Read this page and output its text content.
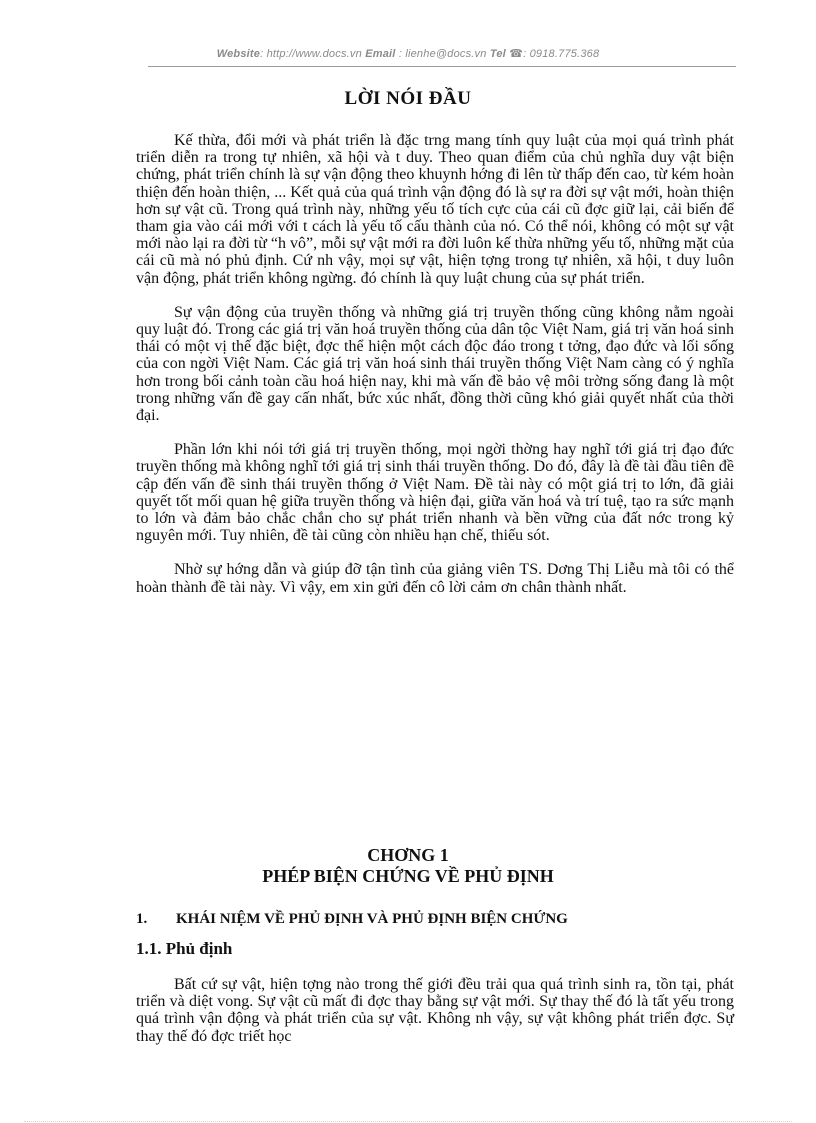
Website: http://www.docs.vn Email : lienhe@docs.vn Tel ☎: 0918.775.368
LỜI NÓI ĐẦU

Kế thừa, đổi mới và phát triển là đặc trng mang tính quy luật của mọi quá trình phát triển diễn ra trong tự nhiên, xã hội và t duy. Theo quan điểm của chủ nghĩa duy vật biện chứng, phát triển chính là sự vận động theo khuynh hớng đi lên từ thấp đến cao, từ kém hoàn thiện đến hoàn thiện, ... Kết quả của quá trình vận động đó là sự ra đời sự vật mới, hoàn thiện hơn sự vật cũ. Trong quá trình này, những yếu tố tích cực của cái cũ đợc giữ lại, cải biến để tham gia vào cái mới với t cách là yếu tố cấu thành của nó. Có thể nói, không có một sự vật mới nào lại ra đời từ “h vô”, mỗi sự vật mới ra đời luôn kế thừa những yếu tố, những mặt của cái cũ mà nó phủ định. Cứ nh vậy, mọi sự vật, hiện tợng trong tự nhiên, xã hội, t duy luôn vận động, phát triển không ngừng. đó chính là quy luật chung của sự phát triển.

Sự vận động của truyền thống và những giá trị truyền thống cũng không nằm ngoài quy luật đó. Trong các giá trị văn hoá truyền thống của dân tộc Việt Nam, giá trị văn hoá sinh thái có một vị thế đặc biệt, đợc thể hiện một cách độc đáo trong t tởng, đạo đức và lối sống của con ngời Việt Nam. Các giá trị văn hoá sinh thái truyền thống Việt Nam càng có ý nghĩa hơn trong bối cảnh toàn cầu hoá hiện nay, khi mà vấn đề bảo vệ môi trờng sống đang là một trong những vấn đề gay cấn nhất, bức xúc nhất, đồng thời cũng khó giải quyết nhất của thời đại.

Phần lớn khi nói tới giá trị truyền thống, mọi ngời thờng hay nghĩ tới giá trị đạo đức truyền thống mà không nghĩ tới giá trị sinh thái truyền thống. Do đó, đây là đề tài đầu tiên đề cập đến vấn đề sinh thái truyền thống ở Việt Nam. Đề tài này có một giá trị to lớn, đã giải quyết tốt mối quan hệ giữa truyền thống và hiện đại, giữa văn hoá và trí tuệ, tạo ra sức mạnh to lớn và đảm bảo chắc chắn cho sự phát triển nhanh và bền vững của đất nớc trong kỷ nguyên mới. Tuy nhiên, đề tài cũng còn nhiều hạn chế, thiếu sót.

Nhờ sự hớng dẫn và giúp đỡ tận tình của giảng viên TS. Dơng Thị Liễu mà tôi có thể hoàn thành đề tài này. Vì vậy, em xin gửi đến cô lời cảm ơn chân thành nhất.

CHƠNG 1
PHÉP BIỆN CHỨNG VỀ PHỦ ĐỊNH
1. KHÁI NIỆM VỀ PHỦ ĐỊNH VÀ PHỦ ĐỊNH BIỆN CHỨNG
1.1. Phủ định

Bất cứ sự vật, hiện tợng nào trong thế giới đều trải qua quá trình sinh ra, tồn tại, phát triển và diệt vong. Sự vật cũ mất đi đợc thay bằng sự vật mới. Sự thay thế đó là tất yếu trong quá trình vận động và phát triển của sự vật. Không nh vậy, sự vật không phát triển đợc. Sự thay thế đó đợc triết học
